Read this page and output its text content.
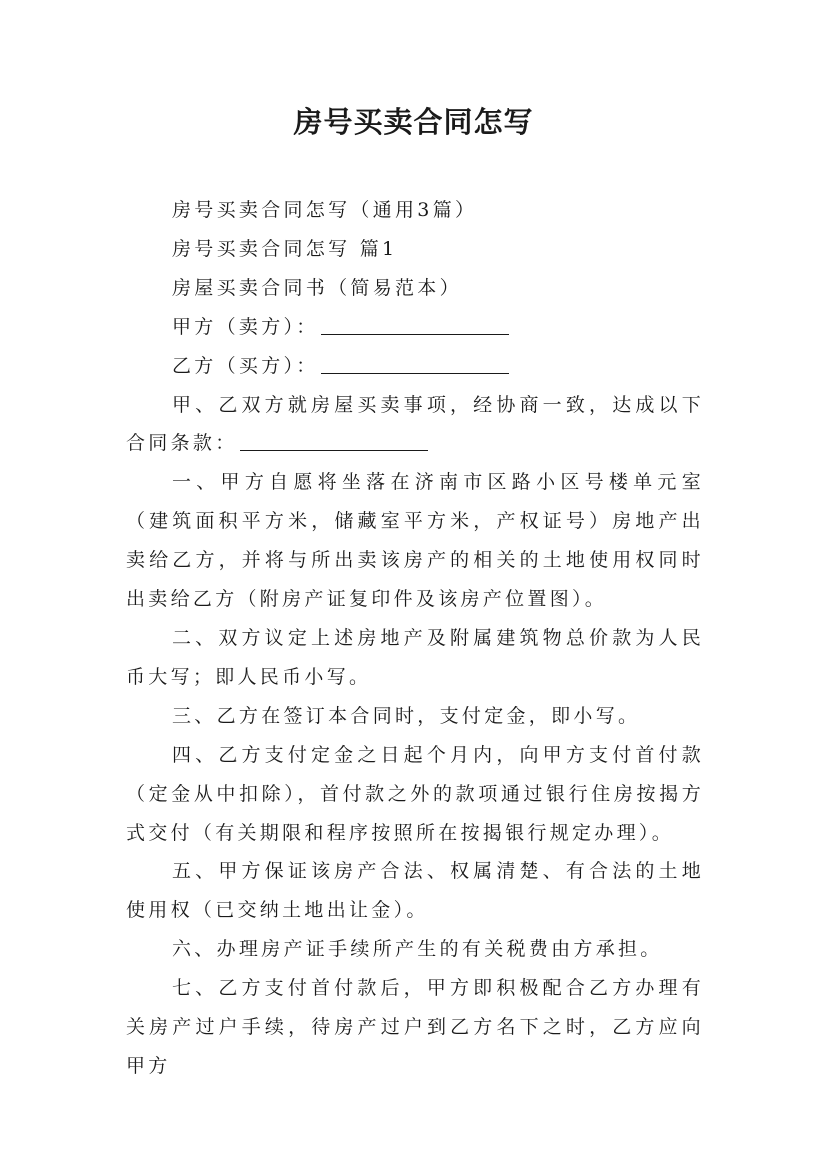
房号买卖合同怎写

房号买卖合同怎写（通用3篇）

房号买卖合同怎写 篇1

房屋买卖合同书（简易范本）

甲方（卖方）：

乙方（买方）：

甲、乙双方就房屋买卖事项，经协商一致，达成以下合同条款：

一、甲方自愿将坐落在济南市区路小区号楼单元室（建筑面积平方米，储藏室平方米，产权证号）房地产出卖给乙方，并将与所出卖该房产的相关的土地使用权同时出卖给乙方（附房产证复印件及该房产位置图）。

二、双方议定上述房地产及附属建筑物总价款为人民币大写；即人民币小写。

三、乙方在签订本合同时，支付定金，即小写。

四、乙方支付定金之日起个月内，向甲方支付首付款（定金从中扣除），首付款之外的款项通过银行住房按揭方式交付（有关期限和程序按照所在按揭银行规定办理）。

五、甲方保证该房产合法、权属清楚、有合法的土地使用权（已交纳土地出让金）。

六、办理房产证手续所产生的有关税费由方承担。

七、乙方支付首付款后，甲方即积极配合乙方办理有关房产过户手续，待房产过户到乙方名下之时，乙方应向甲方
